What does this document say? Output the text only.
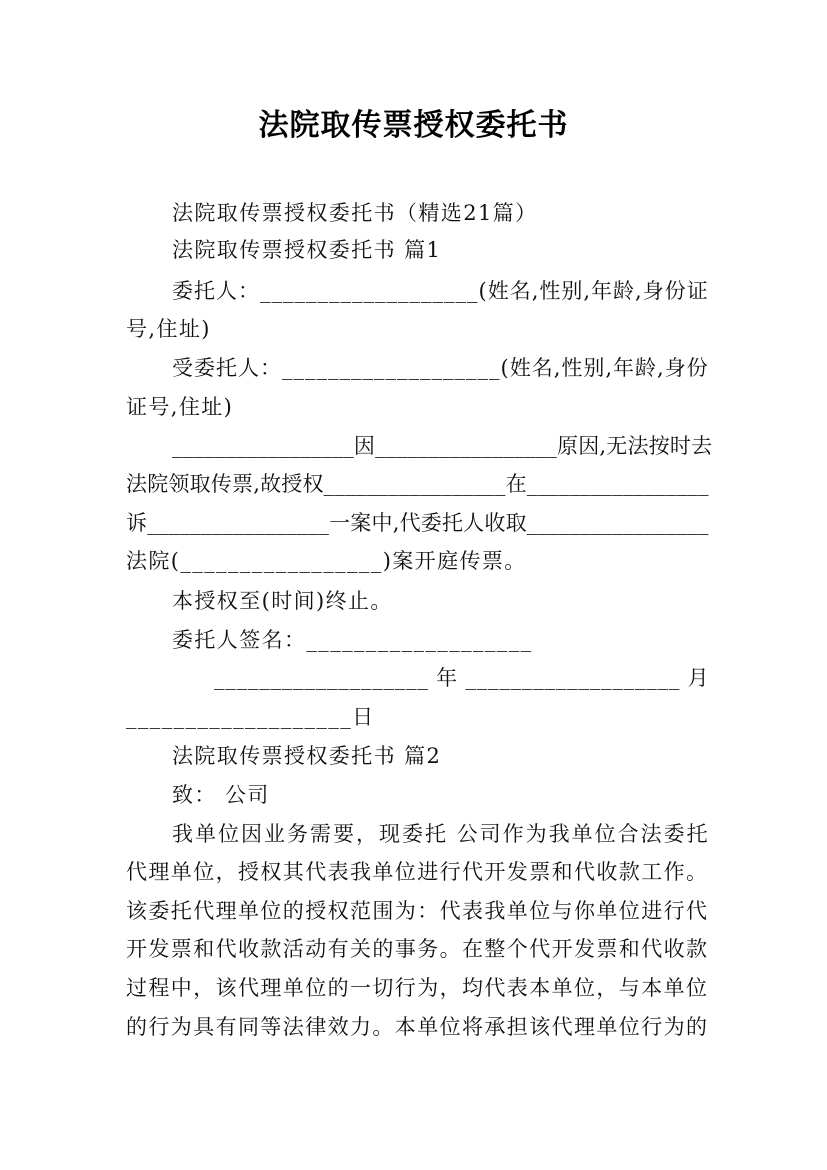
法院取传票授权委托书
法院取传票授权委托书（精选21篇）
法院取传票授权委托书 篇1
委托人：___________________(姓名,性别,年龄,身份证
号,住址)
受委托人：___________________(姓名,性别,年龄,身份
证号,住址)
_________________因_________________原因,无法按时去
法院领取传票,故授权_________________在_________________
诉_________________一案中,代委托人收取_________________
法院(_________________)案开庭传票。
本授权至(时间)终止。
委托人签名：___________________
___________________ 年 ___________________ 月
___________________日
法院取传票授权委托书 篇2
致： 公司
我单位因业务需要，现委托 公司作为我单位合法委托
代理单位，授权其代表我单位进行代开发票和代收款工作。
该委托代理单位的授权范围为：代表我单位与你单位进行代
开发票和代收款活动有关的事务。在整个代开发票和代收款
过程中，该代理单位的一切行为，均代表本单位，与本单位
的行为具有同等法律效力。本单位将承担该代理单位行为的
